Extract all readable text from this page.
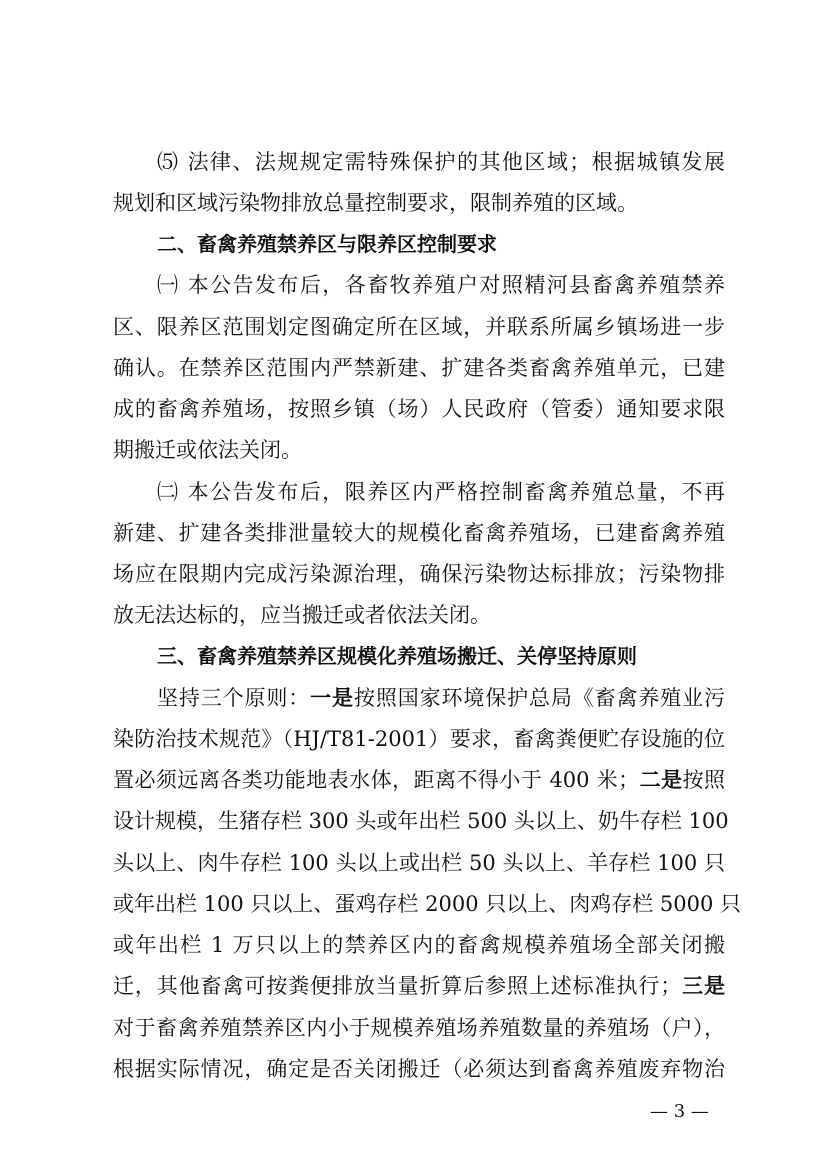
⑸ 法律、法规规定需特殊保护的其他区域；根据城镇发展
规划和区域污染物排放总量控制要求，限制养殖的区域。
二、畜禽养殖禁养区与限养区控制要求
㈠ 本公告发布后，各畜牧养殖户对照精河县畜禽养殖禁养
区、限养区范围划定图确定所在区域，并联系所属乡镇场进一步
确认。在禁养区范围内严禁新建、扩建各类畜禽养殖单元，已建
成的畜禽养殖场，按照乡镇（场）人民政府（管委）通知要求限
期搬迁或依法关闭。
㈡ 本公告发布后，限养区内严格控制畜禽养殖总量，不再
新建、扩建各类排泄量较大的规模化畜禽养殖场，已建畜禽养殖
场应在限期内完成污染源治理，确保污染物达标排放；污染物排
放无法达标的，应当搬迁或者依法关闭。
三、畜禽养殖禁养区规模化养殖场搬迁、关停坚持原则
坚持三个原则：一是按照国家环境保护总局《畜禽养殖业污
染防治技术规范》（HJ/T81-2001）要求，畜禽粪便贮存设施的位
置必须远离各类功能地表水体，距离不得小于 400 米；二是按照
设计规模，生猪存栏 300 头或年出栏 500 头以上、奶牛存栏 100
头以上、肉牛存栏 100 头以上或出栏 50 头以上、羊存栏 100 只
或年出栏 100 只以上、蛋鸡存栏 2000 只以上、肉鸡存栏 5000 只
或年出栏 1 万只以上的禁养区内的畜禽规模养殖场全部关闭搬
迁，其他畜禽可按粪便排放当量折算后参照上述标准执行；三是
对于畜禽养殖禁养区内小于规模养殖场养殖数量的养殖场（户），
根据实际情况，确定是否关闭搬迁（必须达到畜禽养殖废弃物治
— 3 —
